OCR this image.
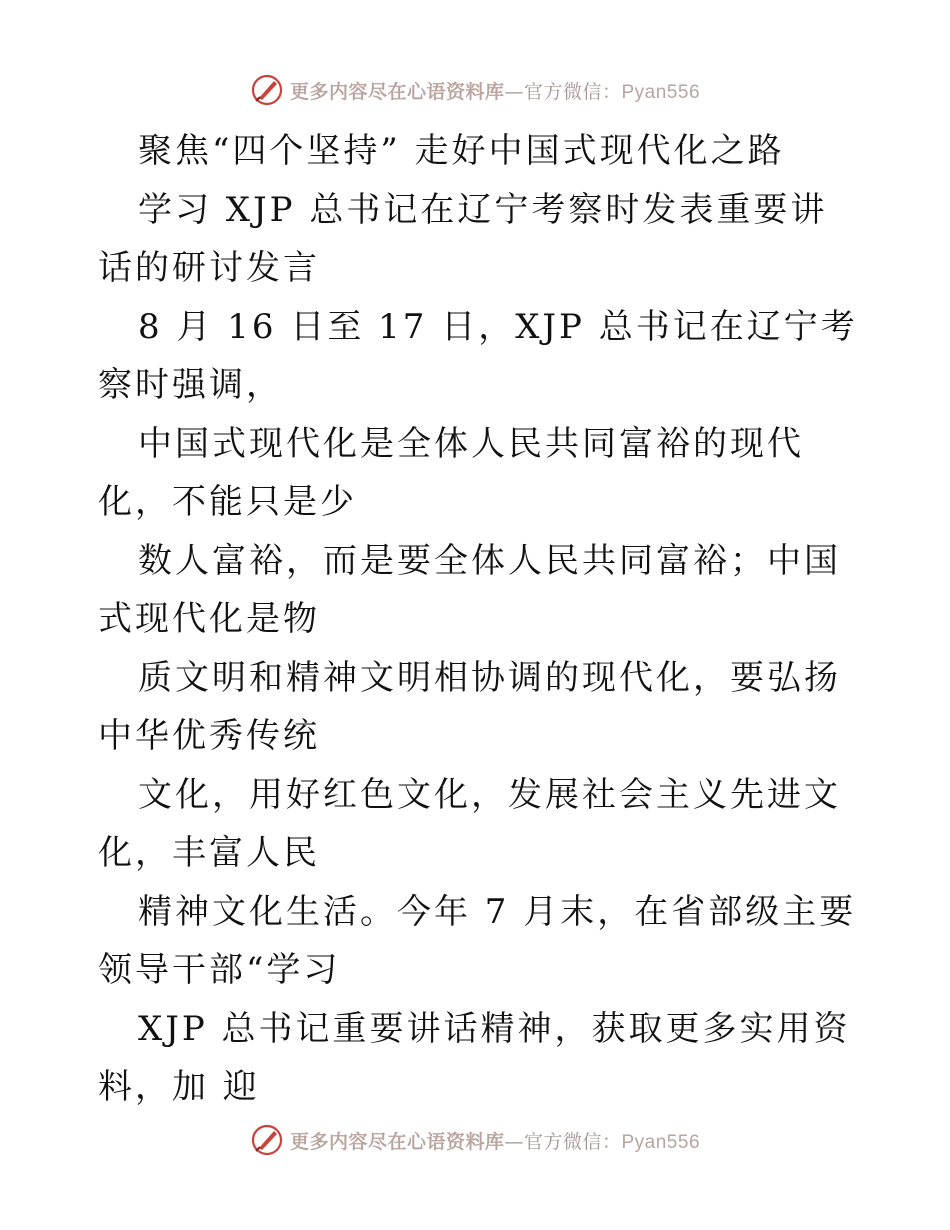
更多内容尽在心语资料库—官方微信：Pyan556

聚焦“四个坚持” 走好中国式现代化之路

学习 XJP 总书记在辽宁考察时发表重要讲话的研讨发言

8 月 16 日至 17 日，XJP 总书记在辽宁考察时强调，

中国式现代化是全体人民共同富裕的现代化，不能只是少

数人富裕，而是要全体人民共同富裕；中国式现代化是物

质文明和精神文明相协调的现代化，要弘扬中华优秀传统

文化，用好红色文化，发展社会主义先进文化，丰富人民

精神文化生活。今年 7 月末，在省部级主要领导干部“学习

XJP 总书记重要讲话精神，获取更多实用资料，加 迎

更多内容尽在心语资料库—官方微信：Pyan556
